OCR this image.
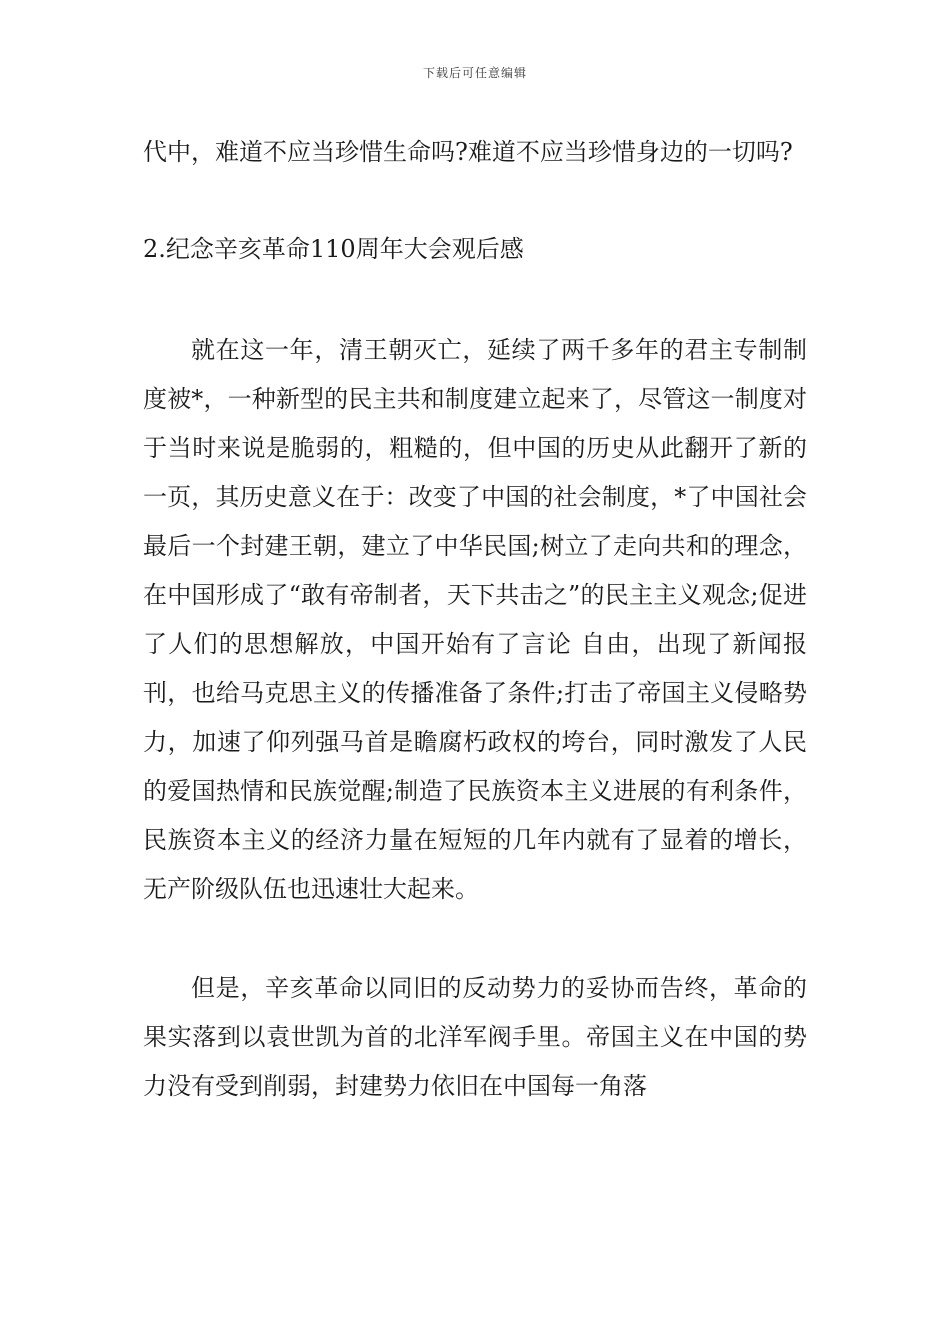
下载后可任意编辑

代中，难道不应当珍惜生命吗?难道不应当珍惜身边的一切吗?

2.纪念辛亥革命110周年大会观后感

就在这一年，清王朝灭亡，延续了两千多年的君主专制制度被*，一种新型的民主共和制度建立起来了，尽管这一制度对于当时来说是脆弱的，粗糙的，但中国的历史从此翻开了新的一页，其历史意义在于：改变了中国的社会制度，*了中国社会最后一个封建王朝，建立了中华民国;树立了走向共和的理念，在中国形成了“敢有帝制者，天下共击之”的民主主义观念;促进了人们的思想解放，中国开始有了言论 自由，出现了新闻报刊，也给马克思主义的传播准备了条件;打击了帝国主义侵略势力，加速了仰列强马首是瞻腐朽政权的垮台，同时激发了人民的爱国热情和民族觉醒;制造了民族资本主义进展的有利条件，民族资本主义的经济力量在短短的几年内就有了显着的增长，无产阶级队伍也迅速壮大起来。

但是，辛亥革命以同旧的反动势力的妥协而告终，革命的果实落到以袁世凯为首的北洋军阀手里。帝国主义在中国的势力没有受到削弱，封建势力依旧在中国每一角落
